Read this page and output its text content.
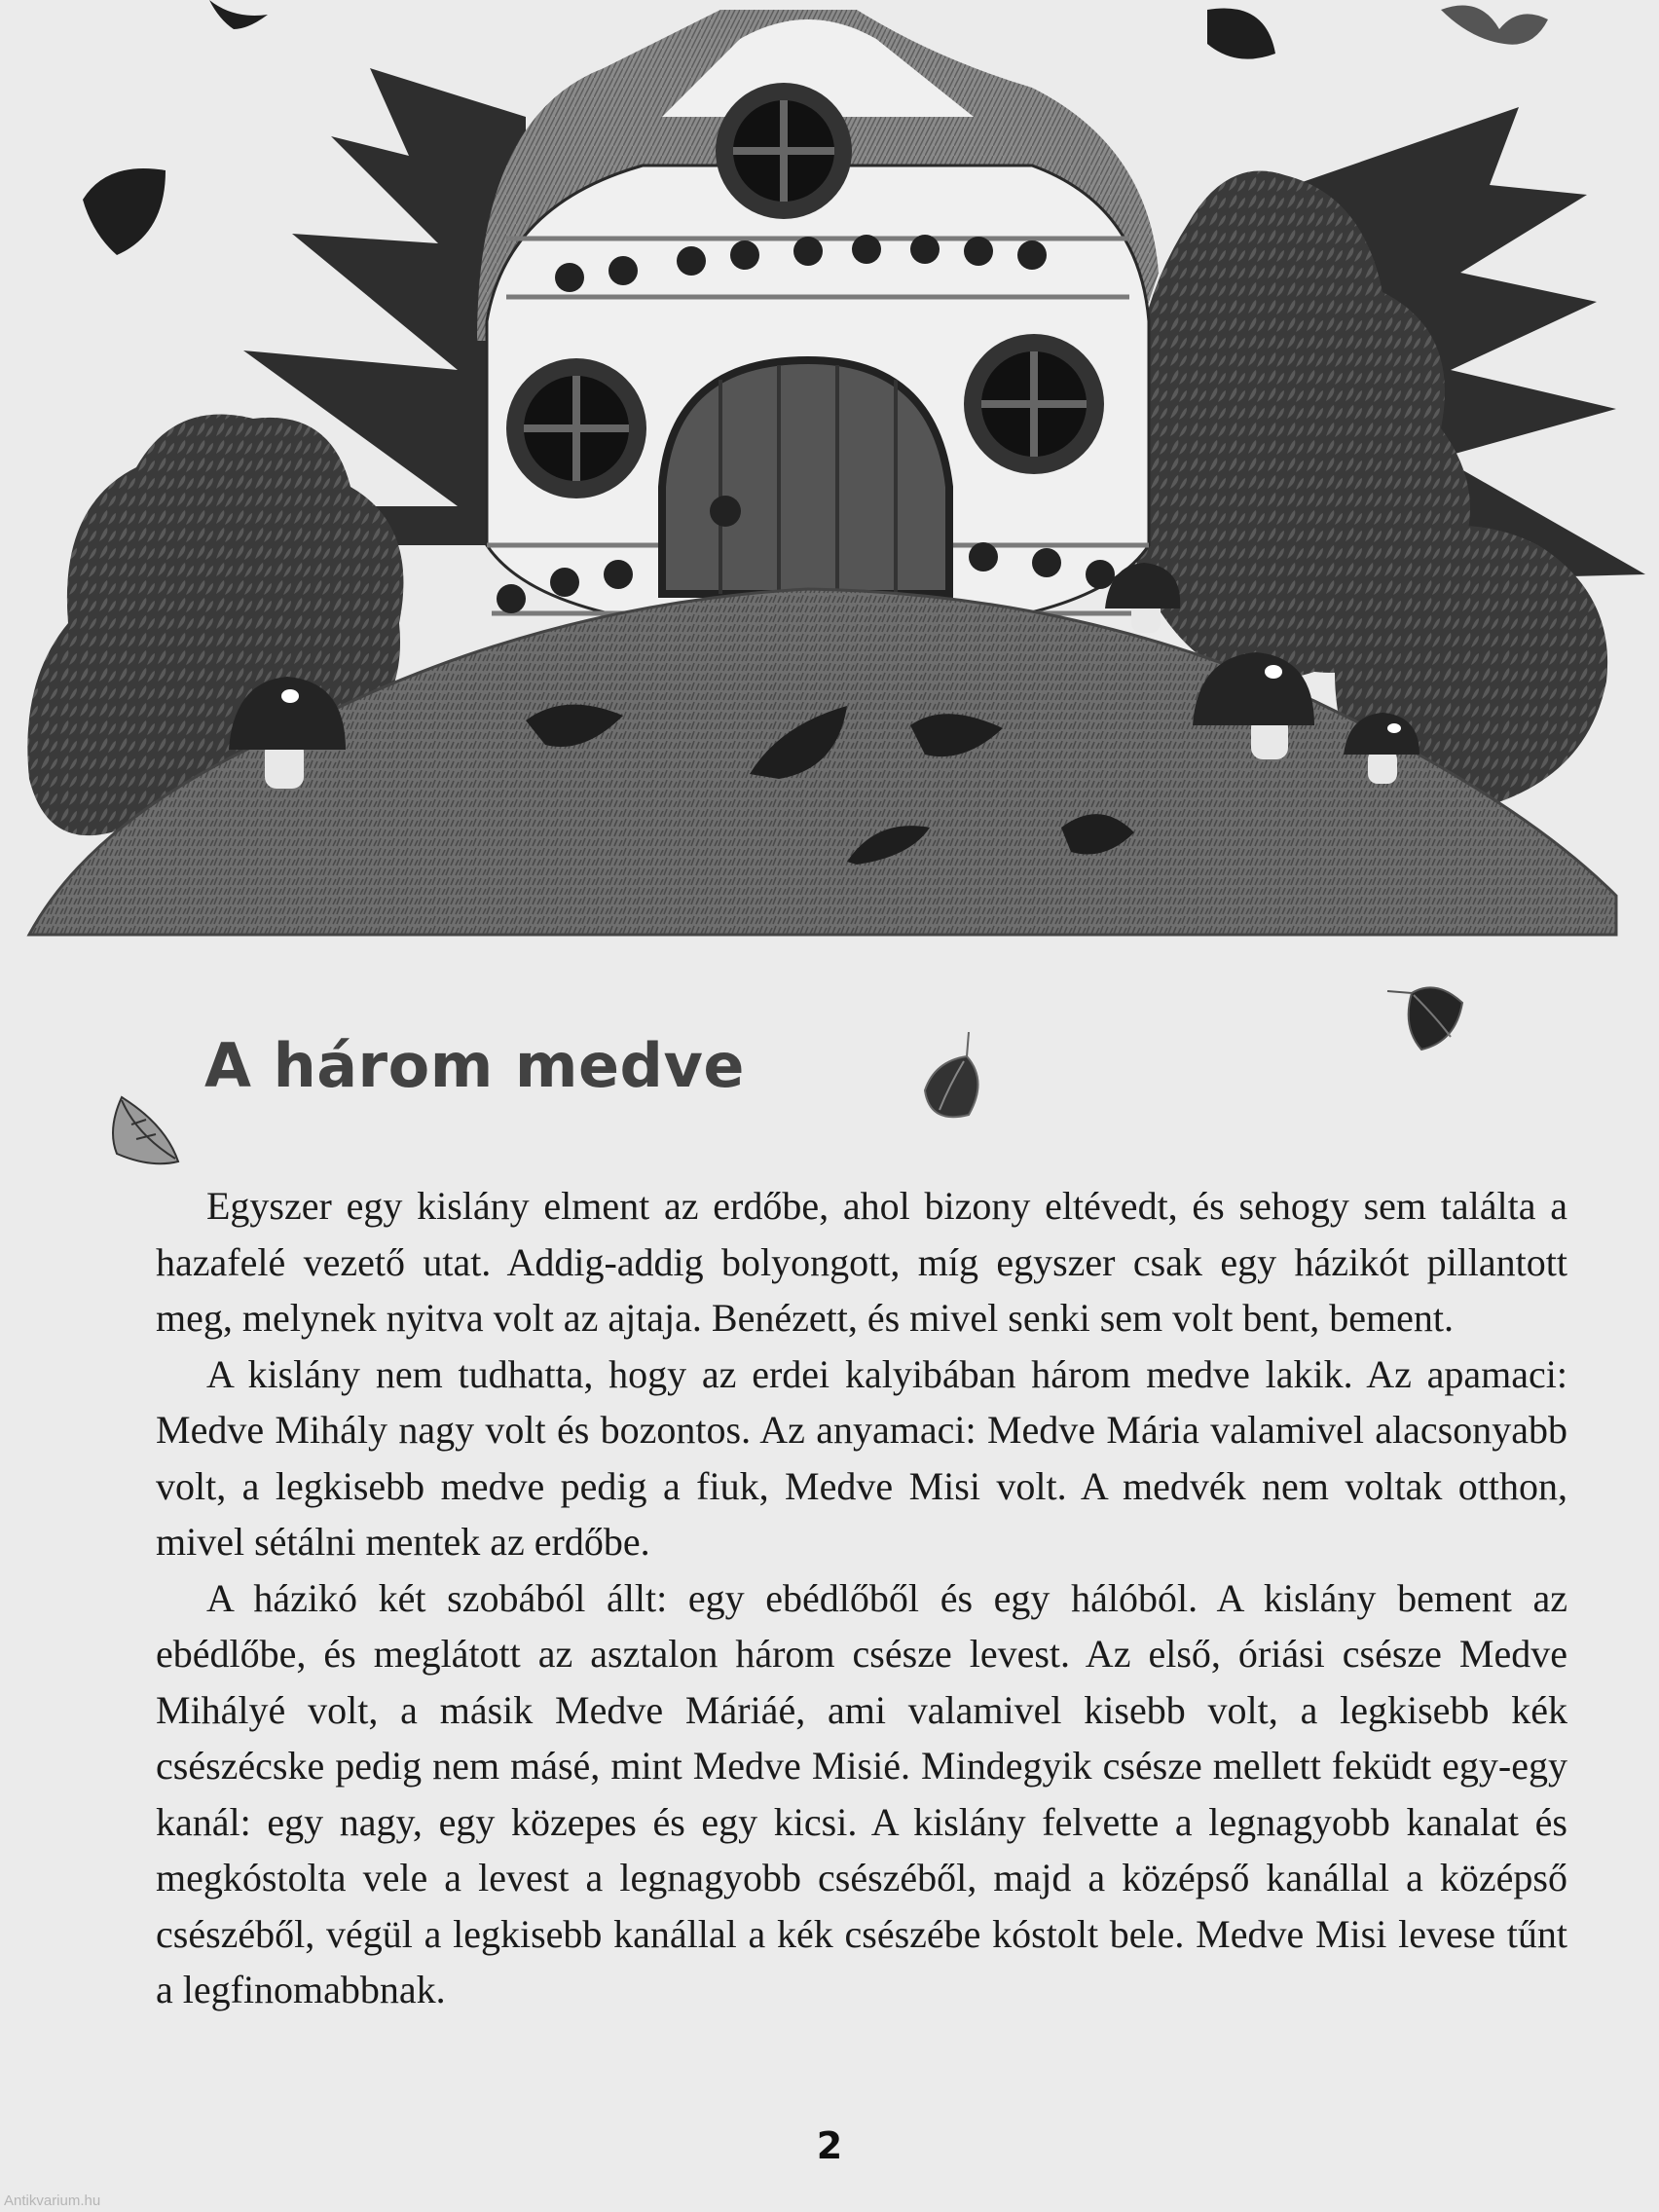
A három medve

Egyszer egy kislány elment az erdőbe, ahol bizony eltévedt, és sehogy sem találta a hazafelé vezető utat. Addig-addig bolyongott, míg egyszer csak egy házikót pillantott meg, melynek nyitva volt az ajtaja. Benézett, és mivel senki sem volt bent, bement.

A kislány nem tudhatta, hogy az erdei kalyibában három medve lakik. Az apamaci: Medve Mihály nagy volt és bozontos. Az anyamaci: Medve Mária valamivel alacsonyabb volt, a legkisebb medve pedig a fiuk, Medve Misi volt. A medvék nem voltak otthon, mivel sétálni mentek az erdőbe.

A házikó két szobából állt: egy ebédlőből és egy hálóból. A kislány bement az ebédlőbe, és meglátott az asztalon három csésze levest. Az első, óriási csésze Medve Mihályé volt, a másik Medve Máriáé, ami valamivel kisebb volt, a legkisebb kék csészécske pedig nem másé, mint Medve Misié. Mindegyik csésze mellett feküdt egy-egy kanál: egy nagy, egy közepes és egy kicsi. A kislány felvette a legnagyobb kanalat és megkóstolta vele a levest a legnagyobb csészéből, majd a középső kanállal a középső csészéből, végül a legkisebb kanállal a kék csészébe kóstolt bele. Medve Misi levese tűnt a legfinomabbnak.

2
Antikvarium.hu
